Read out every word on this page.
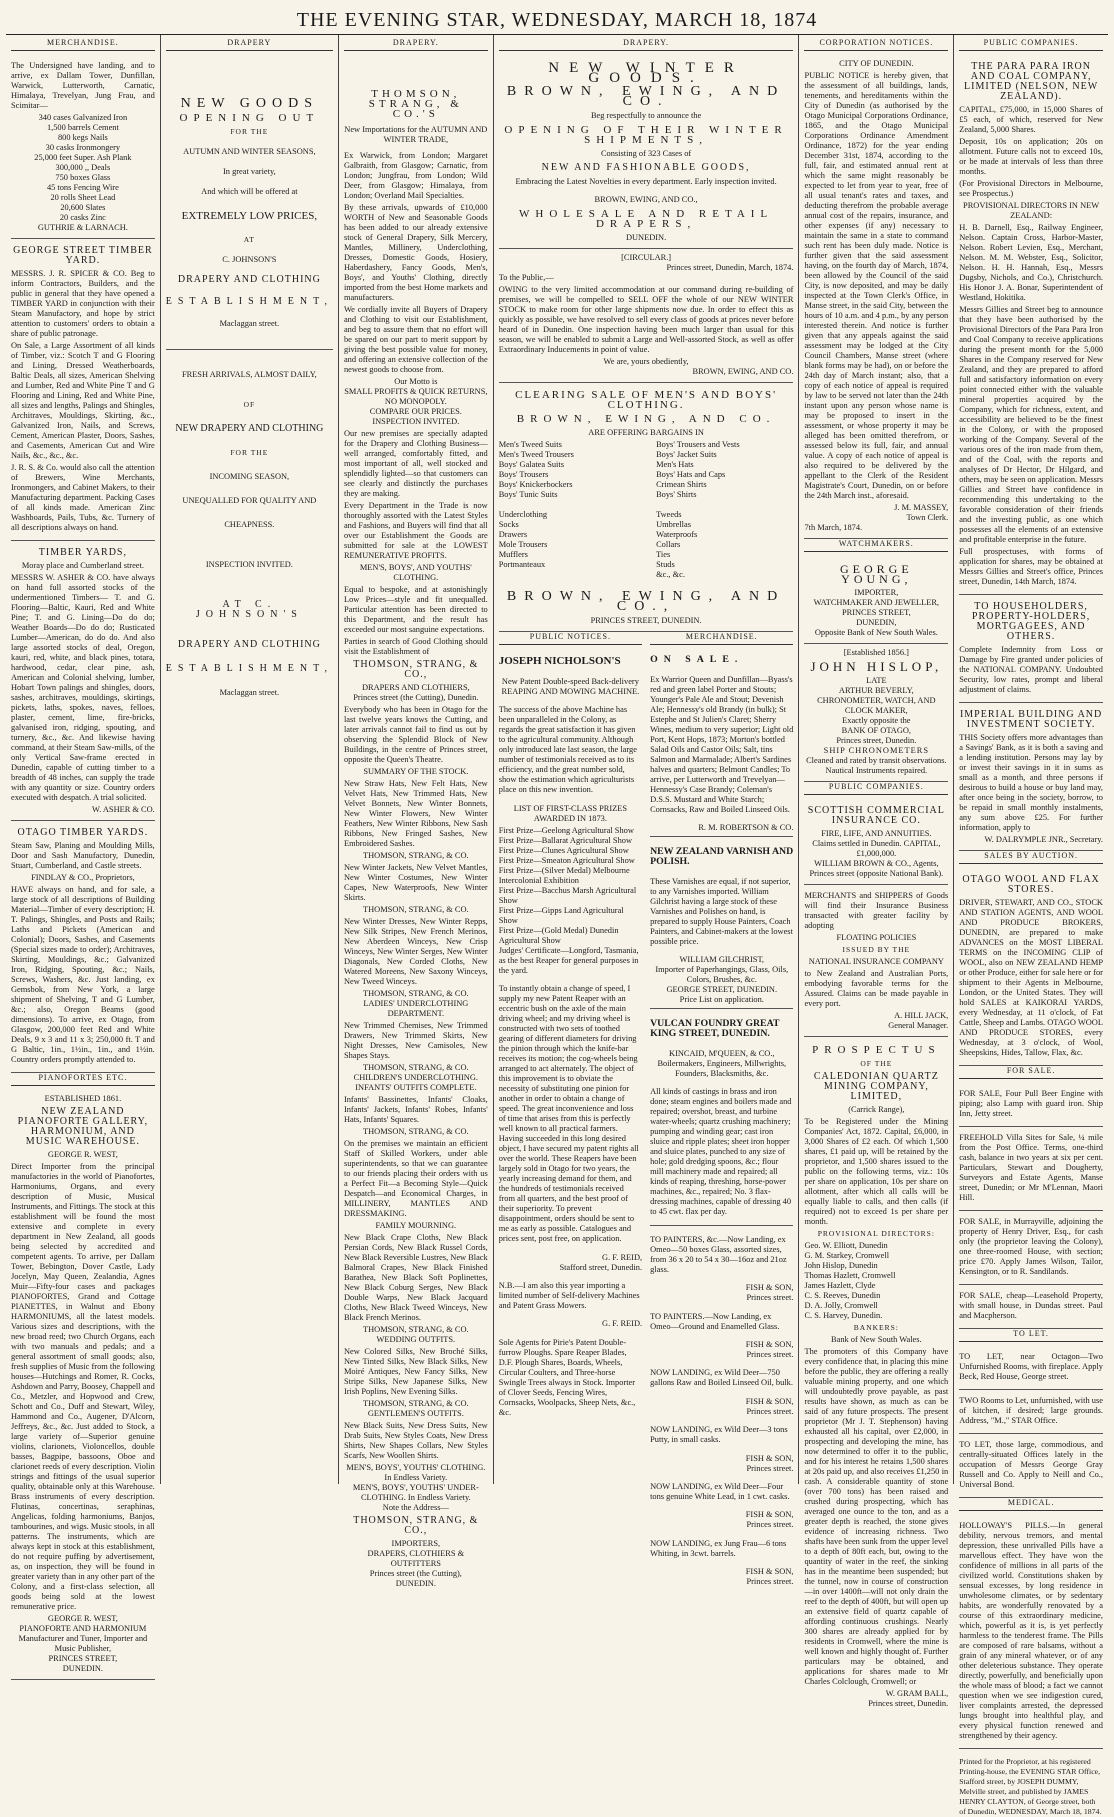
THE EVENING STAR, WEDNESDAY, MARCH 18, 1874
MERCHANDISE.

The Undersigned have landing, and to arrive, ex Dallam Tower, Dunfillan, Warwick, Lutterworth, Carnatic, Himalaya, Trevelyan, Jung Frau, and Scimitar—

340 cases Galvanized Iron
1,500 barrels Cement
800 kegs Nails
30 casks Ironmongery
25,000 feet Super. Ash Plank
300,000 ,, Deals
750 boxes Glass
45 tons Fencing Wire
20 rolls Sheet Lead
20,600 Slates
20 casks Zinc
GUTHRIE & LARNACH.
GEORGE STREET TIMBER YARD.

MESSRS. J. R. SPICER & CO. Beg to inform Contractors, Builders, and the public in general that they have opened a TIMBER YARD in conjunction with their Steam Manufactory, and hope by strict attention to customers' orders to obtain a share of public patronage.

On Sale, a Large Assortment of all kinds of Timber, viz.: Scotch T and G Flooring and Lining, Dressed Weatherboards, Baltic Deals, all sizes, American Shelving and Lumber, Red and White Pine T and G Flooring and Lining, Red and White Pine, all sizes and lengths, Palings and Shingles, Architraves, Mouldings, Skirting, &c., Galvanized Iron, Nails, and Screws, Cement, American Plaster, Doors, Sashes, and Casements, American Cut and Wire Nails, &c., &c., &c.

J. R. S. & Co. would also call the attention of Brewers, Wine Merchants, Ironmongers, and Cabinet Makers, to their Manufacturing department. Packing Cases of all kinds made. American Zinc Washboards, Pails, Tubs, &c. Turnery of all descriptions always on hand.

TIMBER YARDS,
Moray place and Cumberland street.

MESSRS W. ASHER & CO. have always on hand full assorted stocks of the undermentioned Timbers— T. and G. Flooring—Baltic, Kauri, Red and White Pine; T. and G. Lining—Do do do; Weather Boards—Do do do; Rusticated Lumber—American, do do do. And also large assorted stocks of deal, Oregon, kauri, red, white, and black pines, totara, hardwood, cedar, clear pine, ash, American and Colonial shelving, lumber, Hobart Town palings and shingles, doors, sashes, architraves, mouldings, skirtings, pickets, laths, spokes, naves, felloes, plaster, cement, lime, fire-bricks, galvanised iron, ridging, spouting, and turnery, &c., &c. And likewise having command, at their Steam Saw-mills, of the only Vertical Saw-frame erected in Dunedin, capable of cutting timber to a breadth of 48 inches, can supply the trade with any quantity or size. Country orders executed with despatch. A trial solicited.

W. ASHER & CO.
OTAGO TIMBER YARDS.

Steam Saw, Planing and Moulding Mills, Door and Sash Manufactory, Dunedin, Stuart, Cumberland, and Castle streets.

FINDLAY & CO., Proprietors,

HAVE always on hand, and for sale, a large stock of all descriptions of Building Material—Timber of every description; H. T. Palings, Shingles, and Posts and Rails; Laths and Pickets (American and Colonial); Doors, Sashes, and Casements (Special sizes made to order); Architraves, Skirting, Mouldings, &c.; Galvanized Iron, Ridging, Spouting, &c.; Nails, Screws, Washers, &c. Just landing, ex Gemsbok, from New York, a large shipment of Shelving, T and G Lumber, &c.; also, Oregon Beams (good dimensions). To arrive, ex Otago, from Glasgow, 200,000 feet Red and White Deals, 9 x 3 and 11 x 3; 250,000 ft. T and G Baltic, 1in., 1½in., 1in., and 1½in. Country orders promptly attended to.

PIANOFORTES ETC.
ESTABLISHED 1861.
NEW ZEALAND PIANOFORTE GALLERY, HARMONIUM, AND MUSIC WAREHOUSE.
GEORGE R. WEST,

Direct Importer from the principal manufactories in the world of Pianofortes, Harmoniums, Organs, and every description of Music, Musical Instruments, and Fittings. The stock at this establishment will be found the most extensive and complete in every department in New Zealand, all goods being selected by accredited and competent agents. To arrive, per Dallam Tower, Bebington, Dover Castle, Lady Jocelyn, May Queen, Zealandia, Agnes Muir—Fifty-four cases and packages PIANOFORTES, Grand and Cottage PIANETTES, in Walnut and Ebony HARMONIUMS, all the latest models. Various sizes and descriptions, with the new broad reed; two Church Organs, each with two manuals and pedals; and a general assortment of small goods; also, fresh supplies of Music from the following houses—Hutchings and Romer, R. Cocks, Ashdown and Parry, Boosey, Chappell and Co., Metzler, and Hopwood and Crew, Schott and Co., Duff and Stewart, Wiley, Hammond and Co., Augener, D'Alcorn, Jeffreys, &c., &c. Just added to Stock, a large variety of—Superior genuine violins, clarionets, Violoncellos, double basses, Bagpipe, bassoons, Oboe and clarionet reeds of every description. Violin strings and fittings of the usual superior quality, obtainable only at this Warehouse. Brass instruments of every description. Flutinas, concertinas, seraphinas, Angelicas, folding harmoniums, Banjos, tambourines, and wigs. Music stools, in all patterns. The instruments, which are always kept in stock at this establishment, do not require puffing by advertisement, as, on inspection, they will be found in greater variety than in any other part of the Colony, and a first-class selection, all goods being sold at the lowest remunerative price.

GEORGE R. WEST,
PIANOFORTE AND HARMONIUM
Manufacturer and Tuner, Importer and Music Publisher,
PRINCES STREET,
DUNEDIN.
DRAPERY
NEW GOODS
OPENING OUT
FOR THE
AUTUMN AND WINTER SEASONS,
In great variety,
And which will be offered at
EXTREMELY LOW PRICES,
AT
C. JOHNSON'S
DRAPERY AND CLOTHING
ESTABLISHMENT,
Maclaggan street.
FRESH ARRIVALS, ALMOST DAILY,
OF
NEW DRAPERY AND CLOTHING
FOR THE
INCOMING SEASON,
UNEQUALLED FOR QUALITY AND
CHEAPNESS.
INSPECTION INVITED.
AT C. JOHNSON'S
DRAPERY AND CLOTHING
ESTABLISHMENT,
Maclaggan street.
DRAPERY.
THOMSON, STRANG, & CO.'S
New Importations for the AUTUMN AND WINTER TRADE,

Ex Warwick, from London; Margaret Galbraith, from Glasgow; Carnatic, from London; Jungfrau, from London; Wild Deer, from Glasgow; Himalaya, from London; Overland Mail Specialties.

By these arrivals, upwards of £10,000 WORTH of New and Seasonable Goods has been added to our already extensive stock of General Drapery, Silk Mercery, Mantles, Millinery, Underclothing, Dresses, Domestic Goods, Hosiery, Haberdashery, Fancy Goods, Men's, Boys', and Youths' Clothing, directly imported from the best Home markets and manufacturers.

We cordially invite all Buyers of Drapery and Clothing to visit our Establishment, and beg to assure them that no effort will be spared on our part to merit support by giving the best possible value for money, and offering an extensive collection of the newest goods to choose from.

Our Motto is
SMALL PROFITS & QUICK RETURNS,
NO MONOPOLY.
COMPARE OUR PRICES.
INSPECTION INVITED.

Our new premises are specially adapted for the Drapery and Clothing Business—well arranged, comfortably fitted, and most important of all, well stocked and splendidly lighted—so that customers can see clearly and distinctly the purchases they are making.

Every Department in the Trade is now thoroughly assorted with the Latest Styles and Fashions, and Buyers will find that all over our Establishment the Goods are submitted for sale at the LOWEST REMUNERATIVE PROFITS.

MEN'S, BOYS', AND YOUTHS' CLOTHING.

Equal to bespoke, and at astonishingly Low Prices—style and fit unequalled. Particular attention has been directed to this Department, and the result has exceeded our most sanguine expectations.

Parties in search of Good Clothing should visit the Establishment of

THOMSON, STRANG, & CO.,
DRAPERS AND CLOTHIERS,
Princes street (the Cutting), Dunedin.

Everybody who has been in Otago for the last twelve years knows the Cutting, and later arrivals cannot fail to find us out by observing the Splendid Block of New Buildings, in the centre of Princes street, opposite the Queen's Theatre.

SUMMARY OF THE STOCK.

New Straw Hats, New Felt Hats, New Velvet Hats, New Trimmed Hats, New Velvet Bonnets, New Winter Bonnets, New Winter Flowers, New Winter Feathers, New Winter Ribbons, New Sash Ribbons, New Fringed Sashes, New Embroidered Sashes.

THOMSON, STRANG, & CO.

New Winter Jackets, New Velvet Mantles, New Winter Costumes, New Winter Capes, New Waterproofs, New Winter Skirts.

THOMSON, STRANG, & CO.

New Winter Dresses, New Winter Repps, New Silk Stripes, New French Merinos, New Aberdeen Winceys, New Crisp Winceys, New Winter Serges, New Winter Diagonals, New Corded Cloths, New Watered Moreens, New Saxony Winceys, New Tweed Winceys.

THOMSON, STRANG, & CO.
LADIES' UNDERCLOTHING DEPARTMENT.

New Trimmed Chemises, New Trimmed Drawers, New Trimmed Skirts, New Night Dresses, New Camisoles, New Shapes Stays.

THOMSON, STRANG, & CO.
CHILDREN'S UNDERCLOTHING.
INFANTS' OUTFITS COMPLETE.

Infants' Bassinettes, Infants' Cloaks, Infants' Jackets, Infants' Robes, Infants' Hats, Infants' Squares.

THOMSON, STRANG, & CO.

On the premises we maintain an efficient Staff of Skilled Workers, under able superintendents, so that we can guarantee to our friends placing their orders with us a Perfect Fit—a Becoming Style—Quick Despatch—and Economical Charges, in MILLINERY, MANTLES AND DRESSMAKING.

FAMILY MOURNING.

New Black Crape Cloths, New Black Persian Cords, New Black Russel Cords, New Black Reversible Lustres, New Black Balmoral Crapes, New Black Finished Barathea, New Black Soft Poplinettes, New Black Coburg Serges, New Black Double Warps, New Black Jacquard Cloths, New Black Tweed Winceys, New Black French Merinos.

THOMSON, STRANG, & CO.
WEDDING OUTFITS.

New Colored Silks, New Broché Silks, New Tinted Silks, New Black Silks, New Moiré Antiques, New Fancy Silks, New Stripe Silks, New Japanese Silks, New Irish Poplins, New Evening Silks.

THOMSON, STRANG, & CO.
GENTLEMEN'S OUTFITS.

New Black Suits, New Dress Suits, New Drab Suits, New Styles Coats, New Dress Shirts, New Shapes Collars, New Styles Scarfs, New Woollen Shirts.

MEN'S, BOYS', YOUTHS' CLOTHING. In Endless Variety.
MEN'S, BOYS', YOUTHS' UNDER-CLOTHING. In Endless Variety.
Note the Address—
THOMSON, STRANG, & CO.,
IMPORTERS,
DRAPERS, CLOTHIERS & OUTFITTERS
Princes street (the Cutting),
DUNEDIN.
DRAPERY.
NEW WINTER GOODS.
BROWN, EWING, AND CO.
Beg respectfully to announce the
OPENING OF THEIR WINTER SHIPMENTS,
Consisting of 323 Cases of
NEW AND FASHIONABLE GOODS,
Embracing the Latest Novelties in every department. Early inspection invited.
BROWN, EWING, AND CO.,
WHOLESALE AND RETAIL DRAPERS,
DUNEDIN.
[CIRCULAR.]
Princes street, Dunedin, March, 1874.
To the Public,—

OWING to the very limited accommodation at our command during re-building of premises, we will be compelled to SELL OFF the whole of our NEW WINTER STOCK to make room for other large shipments now due. In order to effect this as quickly as possible, we have resolved to sell every class of goods at prices never before heard of in Dunedin. One inspection having been much larger than usual for this season, we will be enabled to submit a Large and Well-assorted Stock, as well as offer Extraordinary Inducements in point of value.

We are, yours obediently,
BROWN, EWING, AND CO.
CLEARING SALE OF MEN'S AND BOYS' CLOTHING.
BROWN, EWING, AND CO.
ARE OFFERING BARGAINS IN
Men's Tweed Suits
Men's Tweed Trousers
Boys' Galatea Suits
Boys' Trousers
Boys' Knickerbockers
Boys' Tunic Suits

Underclothing
Socks
Drawers
Mole Trousers
Mufflers
Portmanteaux
Boys' Trousers and Vests
Boys' Jacket Suits
Men's Hats
Boys' Hats and Caps
Crimean Shirts
Boys' Shirts

Tweeds
Umbrellas
Waterproofs
Collars
Ties
Studs
&c., &c.
BROWN, EWING, AND CO.,
PRINCES STREET, DUNEDIN.
PUBLIC NOTICES.
JOSEPH NICHOLSON'S
New Patent Double-speed Back-delivery
REAPING AND MOWING MACHINE.

The success of the above Machine has been unparalleled in the Colony, as regards the great satisfaction it has given to the agricultural community. Although only introduced late last season, the large number of testimonials received as to its efficiency, and the great number sold, show the estimation which agriculturists place on this new invention.

LIST OF FIRST-CLASS PRIZES AWARDED IN 1873.
First Prize—Geelong Agricultural Show
First Prize—Ballarat Agricultural Show
First Prize—Clunes Agricultural Show
First Prize—Smeaton Agricultural Show
First Prize—(Silver Medal) Melbourne Intercolonial Exhibition
First Prize—Bacchus Marsh Agricultural Show
First Prize—Gipps Land Agricultural Show
First Prize—(Gold Medal) Dunedin Agricultural Show
Judges' Certificate—Longford, Tasmania, as the best Reaper for general purposes in the yard.

To instantly obtain a change of speed, I supply my new Patent Reaper with an eccentric bush on the axle of the main driving wheel; and my driving wheel is constructed with two sets of toothed gearing of different diameters for driving the pinion through which the knife-bar receives its motion; the cog-wheels being arranged to act alternately. The object of this improvement is to obviate the necessity of substituting one pinion for another in order to obtain a change of speed. The great inconvenience and loss of time that arises from this is perfectly well known to all practical farmers. Having succeeded in this long desired object, I have secured my patent rights all over the world. These Reapers have been largely sold in Otago for two years, the yearly increasing demand for them, and the hundreds of testimonials received from all quarters, and the best proof of their superiority. To prevent disappointment, orders should be sent to me as early as possible. Catalogues and prices sent, post free, on application.

G. F. REID,
Stafford street, Dunedin.

N.B.—I am also this year importing a limited number of Self-delivery Machines and Patent Grass Mowers.

G. F. REID.

Sole Agents for Pirie's Patent Double-furrow Ploughs. Spare Reaper Blades, D.F. Plough Shares, Boards, Wheels, Circular Coulters, and Three-horse Swingle Trees always in Stock. Importer of Clover Seeds, Fencing Wires, Cornsacks, Woolpacks, Sheep Nets, &c., &c.

MERCHANDISE.
ON SALE.

Ex Warrior Queen and Dunfillan—Byass's red and green label Porter and Stouts; Younger's Pale Ale and Stout; Devenish Ale; Hennessy's old Brandy (in bulk); St Estephe and St Julien's Claret; Sherry Wines, medium to very superior; Light old Port, Kent Hops, 1873; Morton's bottled Salad Oils and Castor Oils; Salt, tins Salmon and Marmalade; Albert's Sardines halves and quarters; Belmont Candles; To arrive, per Lutterworth and Trevelyan—Hennessy's Case Brandy; Coleman's D.S.S. Mustard and White Starch; Cornsacks, Raw and Boiled Linseed Oils.

R. M. ROBERTSON & CO.
NEW ZEALAND VARNISH AND POLISH.

These Varnishes are equal, if not superior, to any Varnishes imported. William Gilchrist having a large stock of these Varnishes and Polishes on hand, is prepared to supply House Painters, Coach Painters, and Cabinet-makers at the lowest possible price.

WILLIAM GILCHRIST,
Importer of Paperhangings, Glass, Oils, Colors, Brushes, &c.
GEORGE STREET, DUNEDIN.
Price List on application.
VULCAN FOUNDRY GREAT KING STREET, DUNEDIN.
KINCAID, M'QUEEN, & CO.,
Boilermakers, Engineers, Millwrights, Founders, Blacksmiths, &c.

All kinds of castings in brass and iron done; steam engines and boilers made and repaired; overshot, breast, and turbine water-wheels; quartz crushing machinery; pumping and winding gear; cast iron sluice and ripple plates; sheet iron hopper and sluice plates, punched to any size of hole; gold dredging spoons, &c.; flour mill machinery made and repaired; all kinds of reaping, threshing, horse-power machines, &c., repaired; No. 3 flax-dressing machines, capable of dressing 40 to 45 cwt. flax per day.

TO PAINTERS, &c.—Now Landing, ex Omeo—50 boxes Glass, assorted sizes, from 36 x 20 to 54 x 30—16oz and 21oz glass.

FISH & SON,
Princes street.

TO PAINTERS.—Now Landing, ex Omeo—Ground and Enamelled Glass.

FISH & SON,
Princes street.

NOW LANDING, ex Wild Deer—750 gallons Raw and Boiled Linseed Oil, bulk.

FISH & SON,
Princes street.

NOW LANDING, ex Wild Deer—3 tons Putty, in small casks.

FISH & SON,
Princes street.

NOW LANDING, ex Wild Deer—Four tons genuine White Lead, in 1 cwt. casks.

FISH & SON,
Princes street.

NOW LANDING, ex Jung Frau—6 tons Whiting, in 3cwt. barrels.

FISH & SON,
Princes street.
CORPORATION NOTICES.
CITY OF DUNEDIN.

PUBLIC NOTICE is hereby given, that the assessment of all buildings, lands, tenements, and hereditaments within the City of Dunedin (as authorised by the Otago Municipal Corporations Ordinance, 1865, and the Otago Municipal Corporations Ordinance Amendment Ordinance, 1872) for the year ending December 31st, 1874, according to the full, fair, and estimated annual rent at which the same might reasonably be expected to let from year to year, free of all usual tenant's rates and taxes, and deducting therefrom the probable average annual cost of the repairs, insurance, and other expenses (if any) necessary to maintain the same in a state to command such rent has been duly made. Notice is further given that the said assessment having, on the fourth day of March, 1874, been allowed by the Council of the said City, is now deposited, and may be daily inspected at the Town Clerk's Office, in Manse street, in the said City, between the hours of 10 a.m. and 4 p.m., by any person interested therein. And notice is further given that any appeals against the said assessment may be lodged at the City Council Chambers, Manse street (where blank forms may be had), on or before the 24th day of March instant; also, that a copy of each notice of appeal is required by law to be served not later than the 24th instant upon any person whose name is may be proposed to insert in the assessment, or whose property it may be alleged has been omitted therefrom, or assessed below its full, fair, and annual value. A copy of each notice of appeal is also required to be delivered by the appellant to the Clerk of the Resident Magistrate's Court, Dunedin, on or before the 24th March inst., aforesaid.

J. M. MASSEY,
Town Clerk.
7th March, 1874.
WATCHMAKERS.
GEORGE YOUNG,
IMPORTER,
WATCHMAKER AND JEWELLER,
PRINCES STREET,
DUNEDIN,
Opposite Bank of New South Wales.
[Established 1856.]
JOHN HISLOP,
LATE
ARTHUR BEVERLY,
CHRONOMETER, WATCH, AND CLOCK MAKER,
Exactly opposite the
BANK OF OTAGO,
Princes street, Dunedin.
SHIP CHRONOMETERS
Cleaned and rated by transit observations. Nautical Instruments repaired.
PUBLIC COMPANIES.
SCOTTISH COMMERCIAL INSURANCE CO.
FIRE, LIFE, AND ANNUITIES.
Claims settled in Dunedin. CAPITAL, £1,000,000.
WILLIAM BROWN & CO., Agents,
Princes street (opposite National Bank).

MERCHANTS and SHIPPERS of Goods will find their Insurance Business transacted with greater facility by adopting

FLOATING POLICIES
ISSUED BY THE
NATIONAL INSURANCE COMPANY

to New Zealand and Australian Ports, embodying favorable terms for the Assured. Claims can be made payable in every port.

A. HILL JACK,
General Manager.
PROSPECTUS
OF THE
CALEDONIAN QUARTZ MINING COMPANY, LIMITED,
(Carrick Range),

To be Registered under the Mining Companies' Act, 1872. Capital, £6,000, in 3,000 Shares of £2 each. Of which 1,500 shares, £1 paid up, will be retained by the proprietor, and 1,500 shares issued to the public on the following terms, viz.: 10s per share on application, 10s per share on allotment, after which all calls will be equally liable to calls, and then calls (if required) not to exceed 1s per share per month.

PROVISIONAL DIRECTORS:
Geo. W. Elliott, Dunedin
G. M. Starkey, Cromwell
John Hislop, Dunedin
Thomas Hazlett, Cromwell
James Hazlett, Clyde
C. S. Reeves, Dunedin
D. A. Jolly, Cromwell
C. S. Harvey, Dunedin.
BANKERS:
Bank of New South Wales.

The promoters of this Company have every confidence that, in placing this mine before the public, they are offering a really valuable mining property, and one which will undoubtedly prove payable, as past results have shown, as much as can be said of any future prospects. The present proprietor (Mr J. T. Stephenson) having exhausted all his capital, over £2,000, in prospecting and developing the mine, has now determined to offer it to the public, and for his interest he retains 1,500 shares at 20s paid up, and also receives £1,250 in cash. A considerable quantity of stone (over 700 tons) has been raised and crushed during prospecting, which has averaged one ounce to the ton, and as a greater depth is reached, the stone gives evidence of increasing richness. Two shafts have been sunk from the upper level to a depth of 80ft each, but, owing to the quantity of water in the reef, the sinking has in the meantime been suspended; but the tunnel, now in course of construction—in over 1400ft—will not only drain the reef to the depth of 400ft, but will open up an extensive field of quartz capable of affording continuous crushings. Nearly 300 shares are already applied for by residents in Cromwell, where the mine is well known and highly thought of. Further particulars may be obtained, and applications for shares made to Mr Charles Colclough, Cromwell; or

W. GRAM BALL,
Princes street, Dunedin.
PUBLIC COMPANIES.
THE PARA PARA IRON AND COAL COMPANY, LIMITED (NELSON, NEW ZEALAND).

CAPITAL, £75,000, in 15,000 Shares of £5 each, of which, reserved for New Zealand, 5,000 Shares.

Deposit, 10s on application; 20s on allotment. Future calls not to exceed 10s, or be made at intervals of less than three months.

(For Provisional Directors in Melbourne, see Prospectus.)

PROVISIONAL DIRECTORS IN NEW ZEALAND:

H. B. Darnell, Esq., Railway Engineer, Nelson. Captain Cross, Harbor-Master, Nelson. Robert Levien, Esq., Merchant, Nelson. M. M. Webster, Esq., Solicitor, Nelson. H. H. Hannah, Esq., Messrs Dugsby, Nichols, and Co.), Christchurch. His Honor J. A. Bonar, Superintendent of Westland, Hokitika.

Messrs Gillies and Street beg to announce that they have been authorised by the Provisional Directors of the Para Para Iron and Coal Company to receive applications during the present month for the 5,000 Shares in the Company reserved for New Zealand, and they are prepared to afford full and satisfactory information on every point connected either with the valuable mineral properties acquired by the Company, which for richness, extent, and accessibility are believed to be the finest in the Colony, or with the proposed working of the Company. Several of the various ores of the iron made from them, and of the Coal, with the reports and analyses of Dr Hector, Dr Hilgard, and others, may be seen on application. Messrs Gillies and Street have confidence in recommending this undertaking to the favorable consideration of their friends and the investing public, as one which possesses all the elements of an extensive and profitable enterprise in the future.

Full prospectuses, with forms of application for shares, may be obtained at Messrs Gillies and Street's office, Princes street, Dunedin, 14th March, 1874.

TO HOUSEHOLDERS, PROPERTY-HOLDERS, MORTGAGEES, AND OTHERS.

Complete Indemnity from Loss or Damage by Fire granted under policies of the NATIONAL COMPANY. Undoubted Security, low rates, prompt and liberal adjustment of claims.

IMPERIAL BUILDING AND INVESTMENT SOCIETY.

THIS Society offers more advantages than a Savings' Bank, as it is both a saving and a lending institution. Persons may lay by or invest their savings in it in sums as small as a month, and three persons if desirous to build a house or buy land may, after once being in the society, borrow, to be repaid in small monthly instalments, any sum above £25. For further information, apply to

W. DALRYMPLE JNR., Secretary.
SALES BY AUCTION.
OTAGO WOOL AND FLAX STORES.

DRIVER, STEWART, AND CO., STOCK AND STATION AGENTS, AND WOOL AND PRODUCE BROKERS, DUNEDIN, are prepared to make ADVANCES on the MOST LIBERAL TERMS on the INCOMING CLIP of WOOL, also on NEW ZEALAND HEMP or other Produce, either for sale here or for shipment to their Agents in Melbourne, London, or the United States. They will hold SALES at KAIKORAI YARDS, every Wednesday, at 11 o'clock, of Fat Cattle, Sheep and Lambs. OTAGO WOOL AND PRODUCE STORES, every Wednesday, at 3 o'clock, of Wool, Sheepskins, Hides, Tallow, Flax, &c.

FOR SALE.

FOR SALE, Four Pull Beer Engine with piping; also Lamp with guard iron. Ship Inn, Jetty street.

FREEHOLD Villa Sites for Sale, ¼ mile from the Post Office. Terms, one-third cash, balance in two years at six per cent. Particulars, Stewart and Dougherty, Surveyors and Estate Agents, Manse street, Dunedin; or Mr M'Lennan, Maori Hill.

FOR SALE, in Murrayville, adjoining the property of Henry Driver, Esq., for cash only (the proprietor leaving the Colony), one three-roomed House, with section; price £70. Apply James Wilson, Tailor, Kensington, or to R. Sandilands.

FOR SALE, cheap—Leasehold Property, with small house, in Dundas street. Paul and Macpherson.

TO LET.

TO LET, near Octagon—Two Unfurnished Rooms, with fireplace. Apply Beck, Red House, George street.

TWO Rooms to Let, unfurnished, with use of kitchen, if desired; large grounds. Address, "M.," STAR Office.

TO LET, those large, commodious, and centrally-situated Offices lately in the occupation of Messrs George Gray Russell and Co. Apply to Neill and Co., Universal Bond.

MEDICAL.

HOLLOWAY'S PILLS.—In general debility, nervous tremors, and mental depression, these unrivalled Pills have a marvellous effect. They have won the confidence of millions in all parts of the civilized world. Constitutions shaken by sensual excesses, by long residence in unwholesome climates, or by sedentary habits, are wonderfully renovated by a course of this extraordinary medicine, which, powerful as it is, is yet perfectly harmless to the tenderest frame. The Pills are composed of rare balsams, without a grain of any mineral whatever, or of any other deleterious substance. They operate directly, powerfully, and beneficially upon the whole mass of blood; a fact we cannot question when we see indigestion cured, liver complaints arrested, the depressed lungs brought into healthful play, and every physical function renewed and strengthened by their agency.

Printed for the Proprietor, at his registered Printing-house, the EVENING STAR Office, Stafford street, by JOSEPH DUMMY, Melville street, and published by JAMES HENRY CLAYTON, of George street, both of Dunedin, WEDNESDAY, March 18, 1874.
